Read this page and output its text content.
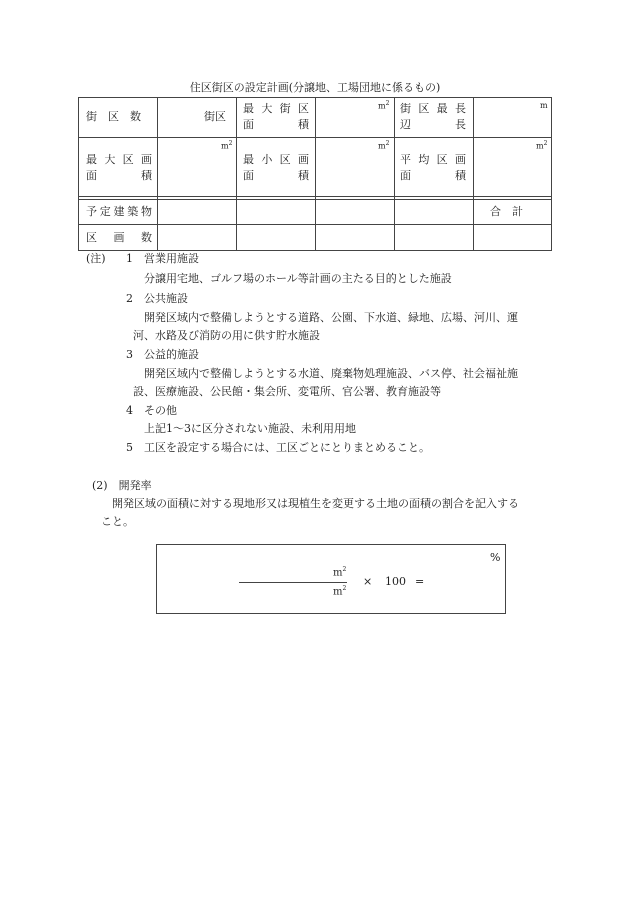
住区街区の設定計画(分譲地、工場団地に係るもの)
街　区　数	街区
最 大 街 区
面　　　積
$m^2$ 街 区 最 長
辺　　　長
m
最 大 区 画
面　　　積
$m^2$
最 小 区 画
面　　　積
$m^2$
平 均 区 画
面　　　積
$m^2$
予定建築物	合　計
区　画　数
(注) 1 営業用施設
分譲用宅地、ゴルフ場のホール等計画の主たる目的とした施設
2 公共施設
開発区域内で整備しようとする道路、公園、下水道、緑地、広場、河川、運
河、水路及び消防の用に供す貯水施設
3 公益的施設
開発区域内で整備しようとする水道、廃棄物処理施設、バス停、社会福祉施
設、医療施設、公民館・集会所、変電所、官公署、教育施設等
4 その他
上記1～3に区分されない施設、未利用用地
5 工区を設定する場合には、工区ごとにとりまとめること。
(2)　開発率
開発区域の面積に対する現地形又は現植生を変更する土地の面積の割合を記入する
こと。
%
$m^2$
$m^2$
× 100 =
